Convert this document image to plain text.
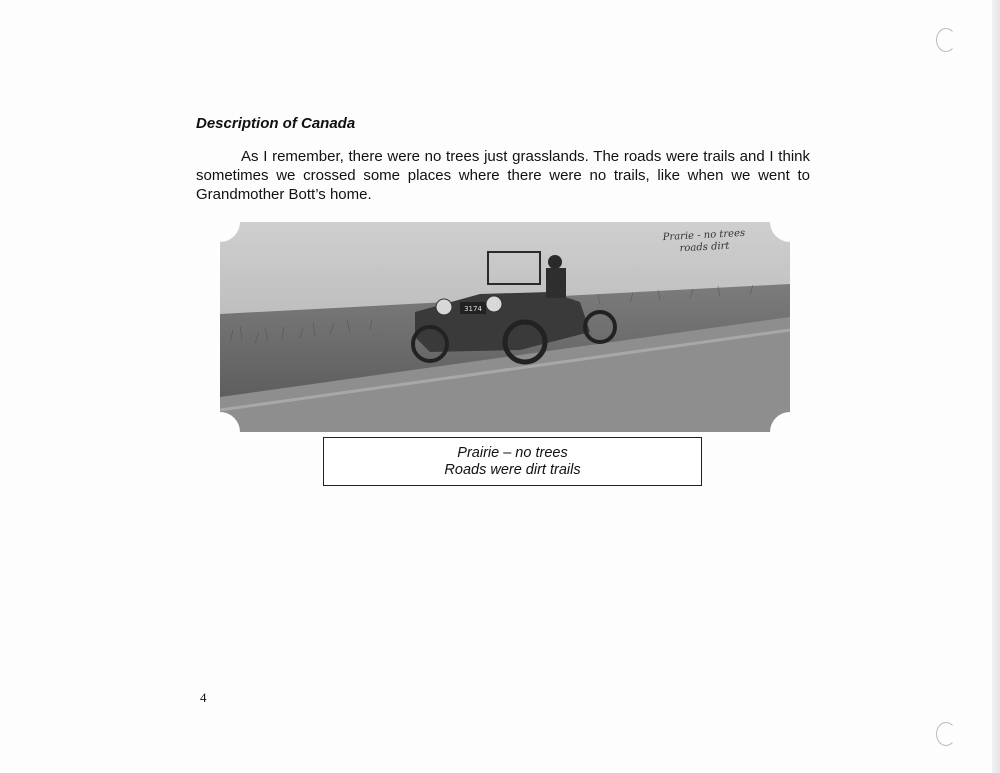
Description of Canada
As I remember, there were no trees just grasslands. The roads were trails and I think sometimes we crossed some places where there were no trails, like when we went to Grandmother Bott’s home.
3174
Prarie - no trees
roads dirt
Prairie – no trees
Roads were dirt trails
4
